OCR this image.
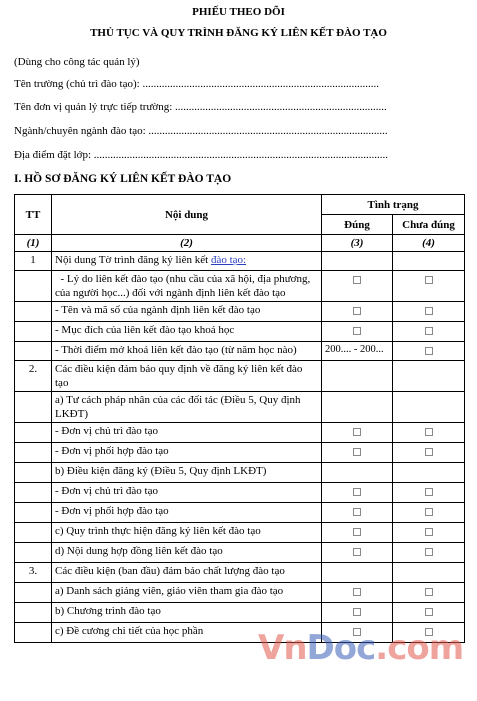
PHIẾU THEO DÕI
THỦ TỤC VÀ QUY TRÌNH ĐĂNG KÝ LIÊN KẾT ĐÀO TẠO
(Dùng cho công tác quản lý)
Tên trường (chủ trì đào tạo): ......................................................................................
Tên đơn vị quản lý trực tiếp trường: .............................................................................
Ngành/chuyên ngành đào tạo: .......................................................................................
Địa điểm đặt lớp: ...........................................................................................................
I. HỒ SƠ ĐĂNG KÝ LIÊN KẾT ĐÀO TẠO
TT	Nội dung	Tình trạng	
		Đúng	Chưa đúng
(1)	(2)	(3)	(4)
1	Nội dung Tờ trình đăng ký liên kết đào tạo:		
	- Lý do liên kết đào tạo (nhu cầu của xã hội, địa phương, của người học...) đối với ngành định liên kết đào tạo		
	- Tên và mã số của ngành định liên kết đào tạo		
	- Mục đích của liên kết đào tạo khoá học		
	- Thời điểm mở khoá liên kết đào tạo (từ năm học nào)	200.... - 200...	
2.	Các điều kiện đảm bảo quy định về đăng ký liên kết đào tạo		
	a) Tư cách pháp nhân của các đối tác (Điều 5, Quy định LKĐT)		
	- Đơn vị chủ trì đào tạo		
	- Đơn vị phối hợp đào tạo		
	b) Điều kiện đăng ký (Điều 5, Quy định LKĐT)		
	- Đơn vị chủ trì đào tạo		
	- Đơn vị phối hợp đào tạo		
	c) Quy trình thực hiện đăng ký liên kết đào tạo		
	d) Nội dung hợp đồng liên kết đào tạo		
3.	Các điều kiện (ban đầu) đảm bảo chất lượng đào tạo		
	a) Danh sách giảng viên, giáo viên tham gia đào tạo		
	b) Chương trình đào tạo		
	c) Đề cương chi tiết của học phần		VnDoc.com
